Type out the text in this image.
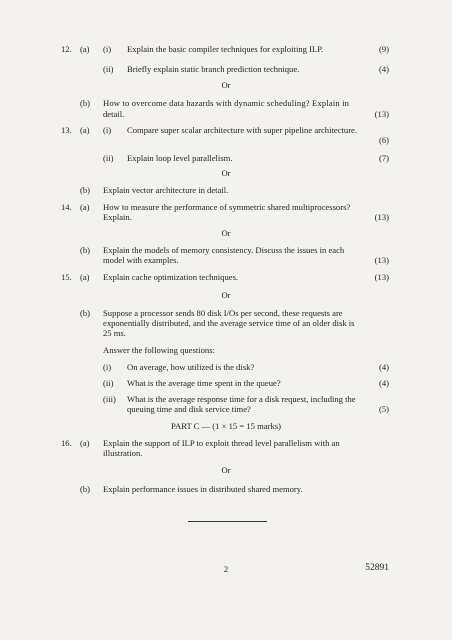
12. (a) (i) Explain the basic compiler techniques for exploiting ILP.	(9)
(ii) Briefly explain static branch prediction technique.	(4)
Or
(b) How to overcome data hazards with dynamic scheduling? Explain in
detail.	(13)
13. (a) (i) Compare super scalar architecture with super pipeline architecture.
(6)
(ii) Explain loop level parallelism.	(7)
Or
(b) Explain vector architecture in detail.
14. (a) How to measure the performance of symmetric shared multiprocessors?
Explain.	(13)
Or
(b) Explain the models of memory consistency. Discuss the issues in each
model with examples.	(13)
15. (a) Explain cache optimization techniques.	(13)
Or
(b) Suppose a processor sends 80 disk I/Os per second, these requests are
exponentially distributed, and the average service time of an older disk is
25 ms.
Answer the following questions:
(i) On average, how utilized is the disk?	(4)
(ii) What is the average time spent in the queue?	(4)
(iii) What is the average response time for a disk request, including the
queuing time and disk service time?	(5)
PART C — (1 × 15 = 15 marks)
16. (a) Explain the support of ILP to exploit thread level parallelism with an
illustration.
Or
(b) Explain performance issues in distributed shared memory.
2	52891
